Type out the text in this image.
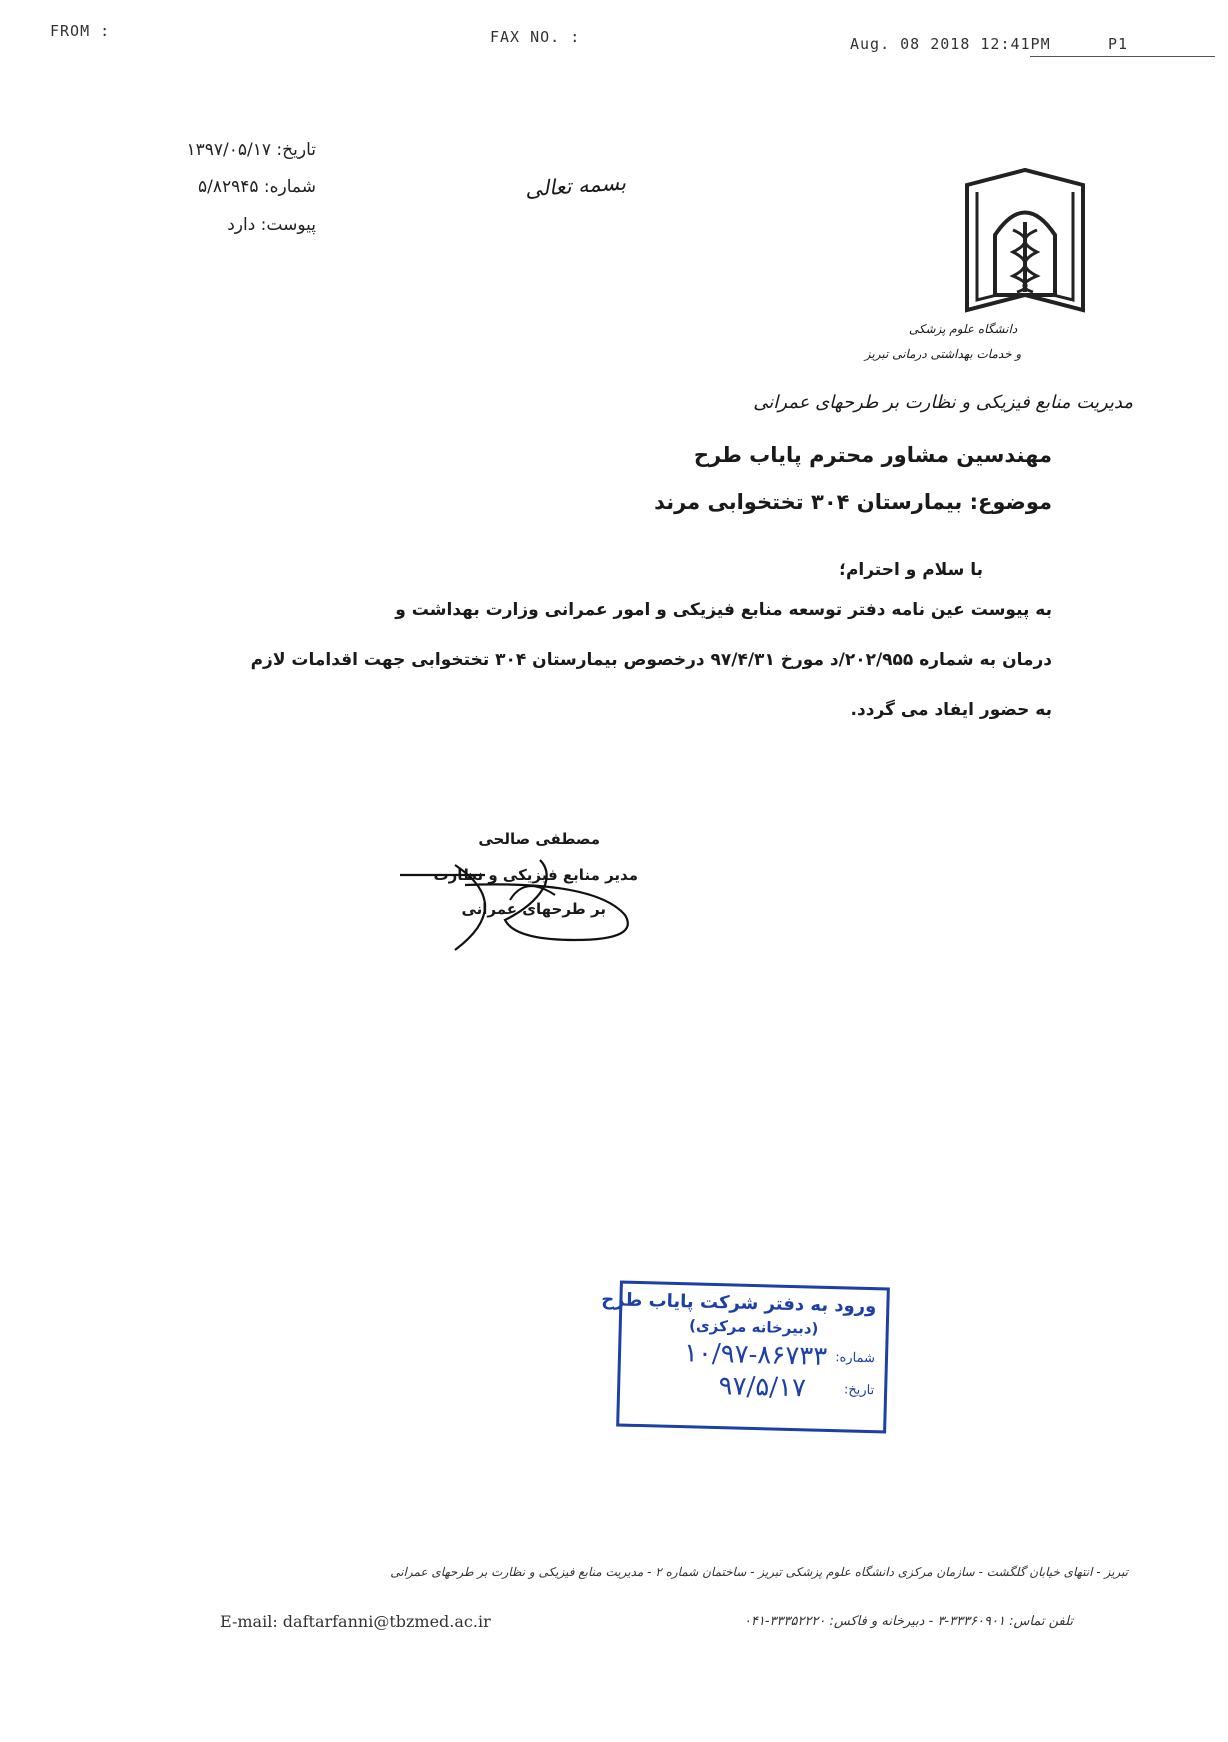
FROM :	FAX NO. :	Aug. 08 2018 12:41PM	P1
تاریخ: ۱۳۹۷/۰۵/۱۷
شماره: ۵/۸۲۹۴۵
پیوست: دارد
بسمه تعالی
دانشگاه علوم پزشکی
و خدمات بهداشتی درمانی تبریز
مدیریت منابع فیزیکی و نظارت بر طرحهای عمرانی
مهندسین مشاور محترم پایاب طرح
موضوع: بیمارستان ۳۰۴ تختخوابی مرند
با سلام و احترام؛
به پیوست عین نامه دفتر توسعه منابع فیزیکی و امور عمرانی وزارت بهداشت و
درمان به شماره ۲۰۲/۹۵۵/د مورخ ۹۷/۴/۳۱ درخصوص بیمارستان ۳۰۴ تختخوابی جهت اقدامات لازم
به حضور ایفاد می گردد.
مصطفی صالحی
مدیر منابع فیزیکی و نظارت
بر طرحهای عمرانی
ورود به دفتر شرکت پایاب طرح
(دبیرخانه مرکزی)
شماره:
۱۰/۹۷-۸۶۷۳۳
تاریخ:
۹۷/۵/۱۷
تبریز - انتهای خیابان گلگشت - سازمان مرکزی دانشگاه علوم پزشکی تبریز - ساختمان شماره ۲ - مدیریت منابع فیزیکی و نظارت بر طرحهای عمرانی
E-mail: daftarfanni@tbzmed.ac.ir	تلفن تماس: ۳۳۳۶۰۹۰۱-۳ - دبیرخانه و فاکس: ۳۳۳۵۲۲۲۰-۰۴۱
